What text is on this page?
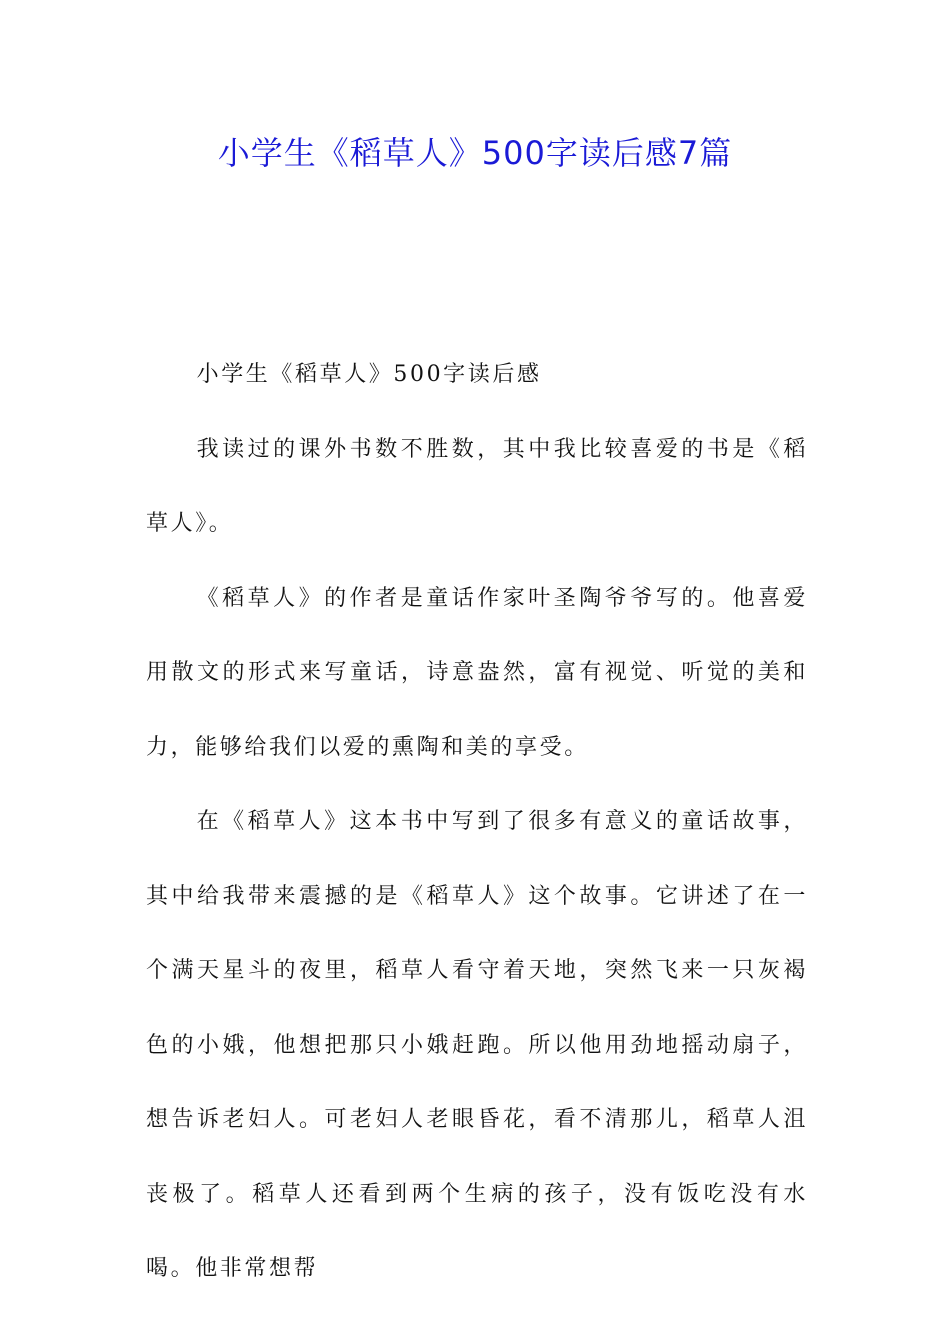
小学生《稻草人》500字读后感7篇

小学生《稻草人》500字读后感

我读过的课外书数不胜数，其中我比较喜爱的书是《稻草人》。

《稻草人》的作者是童话作家叶圣陶爷爷写的。他喜爱用散文的形式来写童话，诗意盎然，富有视觉、听觉的美和力，能够给我们以爱的熏陶和美的享受。

在《稻草人》这本书中写到了很多有意义的童话故事，其中给我带来震撼的是《稻草人》这个故事。它讲述了在一个满天星斗的夜里，稻草人看守着天地，突然飞来一只灰褐色的小娥，他想把那只小娥赶跑。所以他用劲地摇动扇子，想告诉老妇人。可老妇人老眼昏花，看不清那儿，稻草人沮丧极了。稻草人还看到两个生病的孩子，没有饭吃没有水喝。他非常想帮
